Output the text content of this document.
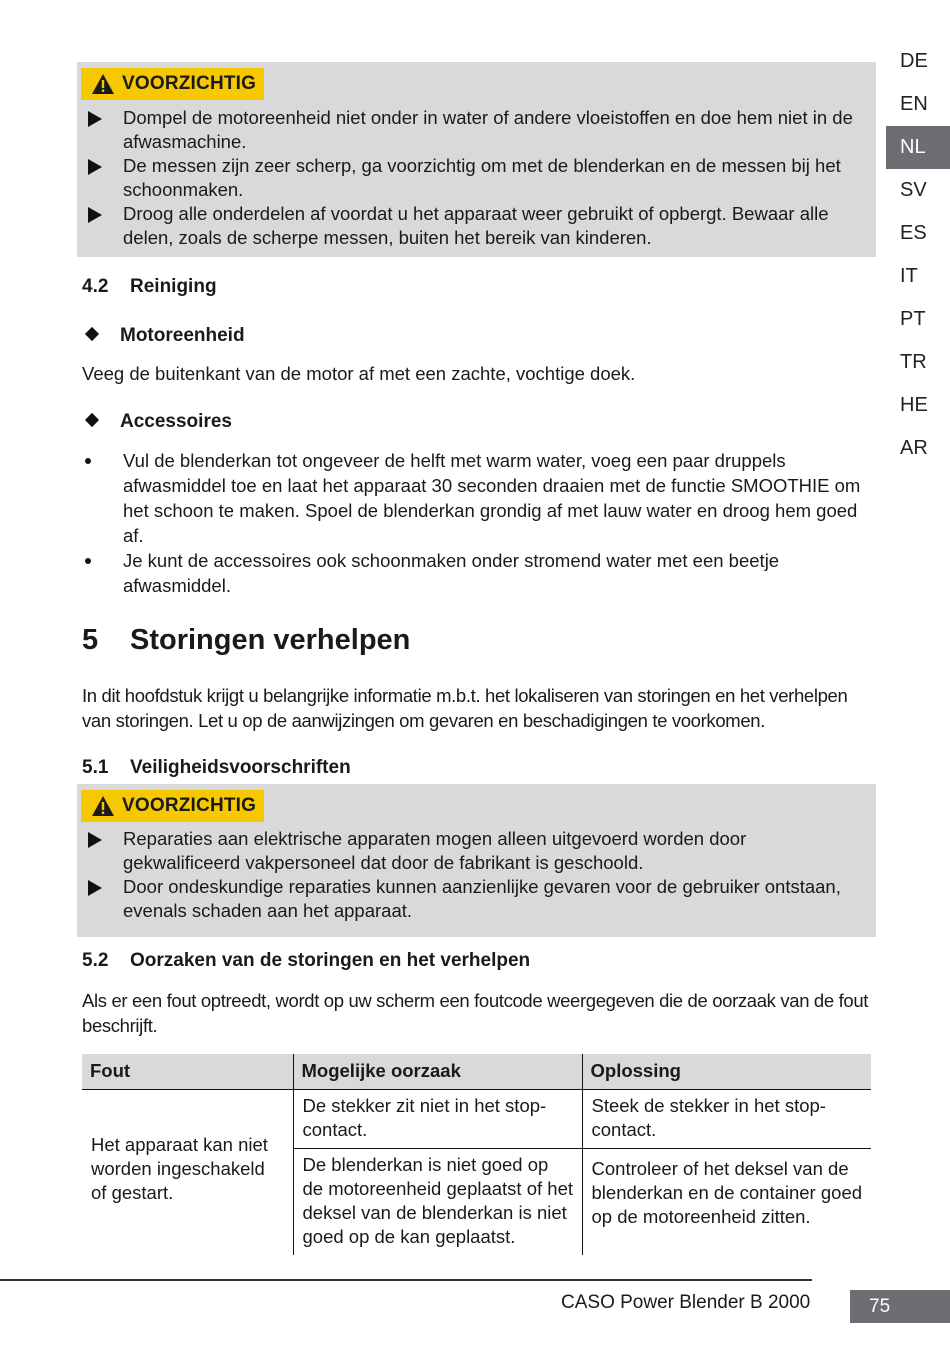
DE
EN
NL
SV
ES
IT
PT
TR
HE
AR
VOORZICHTIG
Dompel de motoreenheid niet onder in water of andere vloeistoffen en doe hem niet in de afwasmachine.
De messen zijn zeer scherp, ga voorzichtig om met de blenderkan en de messen bij het schoonmaken.
Droog alle onderdelen af voordat u het apparaat weer gebruikt of opbergt. Bewaar alle delen, zoals de scherpe messen, buiten het bereik van kinderen.
4.2 Reiniging
Motoreenheid
Veeg de buitenkant van de motor af met een zachte, vochtige doek.
Accessoires
Vul de blenderkan tot ongeveer de helft met warm water, voeg een paar druppels afwasmiddel toe en laat het apparaat 30 seconden draaien met de functie SMOOTHIE om het schoon te maken. Spoel de blenderkan grondig af met lauw water en droog hem goed af.
Je kunt de accessoires ook schoonmaken onder stromend water met een beetje afwasmiddel.
5 Storingen verhelpen
In dit hoofdstuk krijgt u belangrijke informatie m.b.t. het lokaliseren van storingen en het verhelpen van storingen. Let u op de aanwijzingen om gevaren en beschadigingen te voorkomen.
5.1 Veiligheidsvoorschriften
VOORZICHTIG
Reparaties aan elektrische apparaten mogen alleen uitgevoerd worden door gekwalificeerd vakpersoneel dat door de fabrikant is geschoold.
Door ondeskundige reparaties kunnen aanzienlijke gevaren voor de gebruiker ontstaan, evenals schaden aan het apparaat.
5.2 Oorzaken van de storingen en het verhelpen
Als er een fout optreedt, wordt op uw scherm een foutcode weergegeven die de oorzaak van de fout beschrijft.
Fout	Mogelijke oorzaak	Oplossing
Het apparaat kan niet worden ingeschakeld of gestart.	De stekker zit niet in het stop-contact.	Steek de stekker in het stop-contact.
	De blenderkan is niet goed op de motoreenheid geplaatst of het deksel van de blenderkan is niet goed op de kan geplaatst.	Controleer of het deksel van de blenderkan en de container goed op de motoreenheid zitten.
CASO Power Blender B 2000	75
